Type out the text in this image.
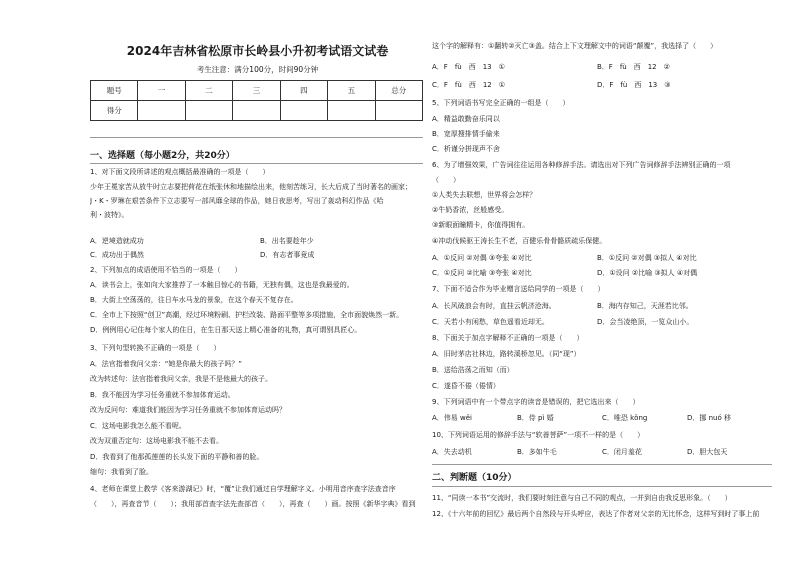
2024年吉林省松原市长岭县小升初考试语文试卷
考生注意：满分100分，时间90分钟
题号	一	二	三	四	五	总分
得分						
一、选择题（每小题2分，共20分）
1、对下面文段所讲述的观点概括最准确的一项是（　　）
少年王冕家苦从放牛时立志要把荷花在纸张休和地描绘出来，他刻苦练习，长大后成了当时著名的画家；
J・K・罗琳在艰苦条件下立志要写一部风靡全球的作品，她日夜思考，写出了轰动科幻作品《哈
利・波特》。
A．逆境造就成功	B．出名要趁年少
C．成功出于偶然	D．有志者事竟成
2、下列加点的成语使用不恰当的一项是（　　）
A．读书会上，张如向大家推荐了一本触目惊心的书籍，无独有偶，这也是我最爱的。
B．大街上空荡荡的，往日车水马龙的景象，在这个春天不复存在。
C．全市上下按照“创卫”高潮，经过环境粉刷、护栏改装、路面平整等多项措施，全市面貌焕然一新。
D．例例用心记住每个家人的住日，在生日那天送上精心准备的礼物，真可谓别具匠心。
3、下列句型转换不正确的一项是（　　）
A．法官指着我问父亲：“她是你最大的孩子吗？”
改为转述句：法官指着我问父亲，我是不是他最大的孩子。
B．我不能因为学习任务重就不参加体育运动。
改为反问句：难道我们能因为学习任务重就不参加体育运动吗？
C．这场电影我怎么能不看呢。
改为双重否定句：这场电影我不能不去看。
D．我看到了他那孤莲莲的长头发下面的平静和善的脸。
缩句：我看到了脸。
4、老师在课堂上教学《客来游湖记》时，“覆”让我们通过自学理解字义。小明用音序查字法查音序
（　　），再查音节（　　）；我用部首查字法先查部首（　　），再查（　　）画。按照《新华字典》看到
这个字的解释有：①翻转②灭亡③盖。结合上下文理解文中的词语“颠覆”，我选择了（　　）
A．F　fù　西　13　①	B．F　fù　西　12　②
C．F　fù　西　12　①	D．F　fù　西　13　③
5、下列词语书写完全正确的一组是（　　）
A．精益敢勤奋乐同以
B．宽厚搜排情手偷来
C．析谨分拼现声不舍
6、为了增强效果，广告词往往运用各种修辞手法。请选出对下列广告词修辞手法辨别正确的一项
（　　）
①人类失去联想，世界将会怎样？
②牛奶香浓，丝般感受。
③新眼面瞳精卡，你值得拥有。
④冲动伐候驱王涛长生不老，百健乐骨骨骼质疏乐保健。
A．①反问 ②对偶 ③夸张 ④对比	B．①反问 ②对偶 ③拟人 ④对比
C．①反问 ②比喻 ③夸张 ④对比	D．①设问 ②比喻 ③拟人 ④对偶
7、下面不适合作为毕业赠言送给同学的一项是（　　）
A．长风破浪会有时，直挂云帆济沧海。	B．海内存知己，天涯若比邻。
C．天若小有闲愁，草色遥看近却无。	D．会当凌绝顶，一览众山小。
8、下面关于加点字解释不正确的一项是（　　）
A．旧时茅店社林边，路转溪桥忽见。（同“现”）
B．送给浩荡之而知（而）
C．遂昏不倦（倦情）
9、下列词语中有一个带点字的读音是错误的，把它选出来（　　）
A．伟易 wěi	B．侍 pì 婚	C．唯恐 kǒng	D．挪 nuó 移
10、下列词语运用的修辞手法与“软善菩萨”一项不一样的是（　　）
A．失去动机	B．多如牛毛	C．闭月羞花	D．胆大包天
二、判断题（10分）
11、“同读一本书”交流时，我们要时刻注意与自己不同的观点，一并到自由我反思形象。（　　）
12、《十六年前的回忆》最后两个自然段与开头呼应，表达了作者对父亲的无比怀念，这样写到时了事上前
